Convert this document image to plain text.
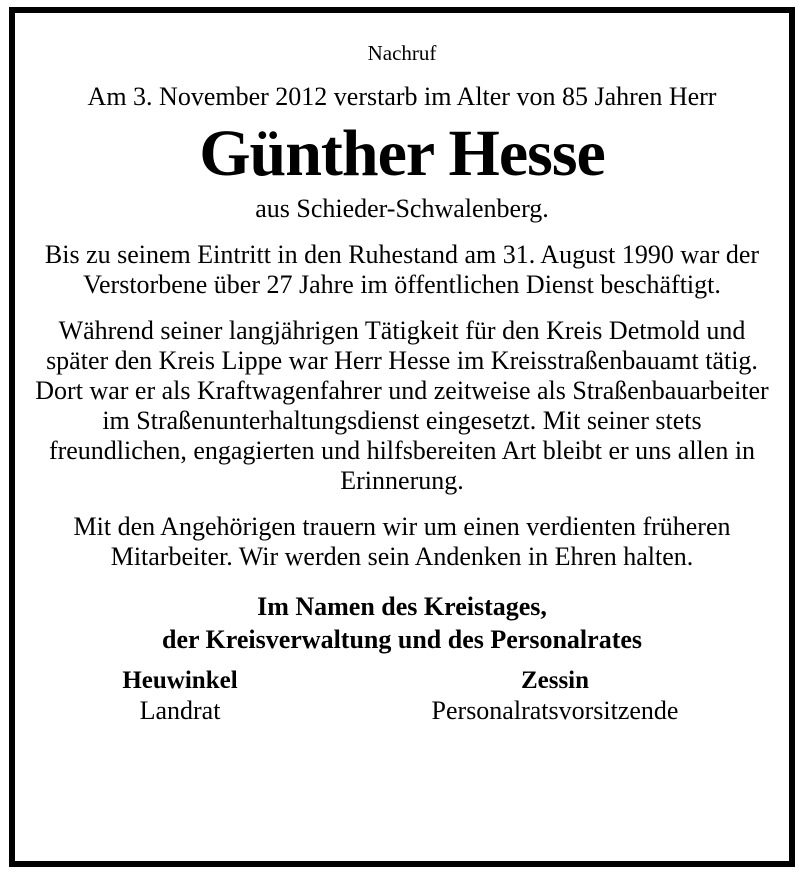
Nachruf
Am 3. November 2012 verstarb im Alter von 85 Jahren Herr
Günther Hesse
aus Schieder-Schwalenberg.
Bis zu seinem Eintritt in den Ruhestand am 31. August 1990 war der Verstorbene über 27 Jahre im öffentlichen Dienst beschäftigt.
Während seiner langjährigen Tätigkeit für den Kreis Detmold und später den Kreis Lippe war Herr Hesse im Kreisstraßenbauamt tätig. Dort war er als Kraftwagenfahrer und zeitweise als Straßenbauarbeiter im Straßenunterhaltungsdienst eingesetzt. Mit seiner stets freundlichen, engagierten und hilfsbereiten Art bleibt er uns allen in Erinnerung.
Mit den Angehörigen trauern wir um einen verdienten früheren Mitarbeiter. Wir werden sein Andenken in Ehren halten.
Im Namen des Kreistages,
der Kreisverwaltung und des Personalrates
Heuwinkel
Landrat
Zessin
Personalratsvorsitzende
